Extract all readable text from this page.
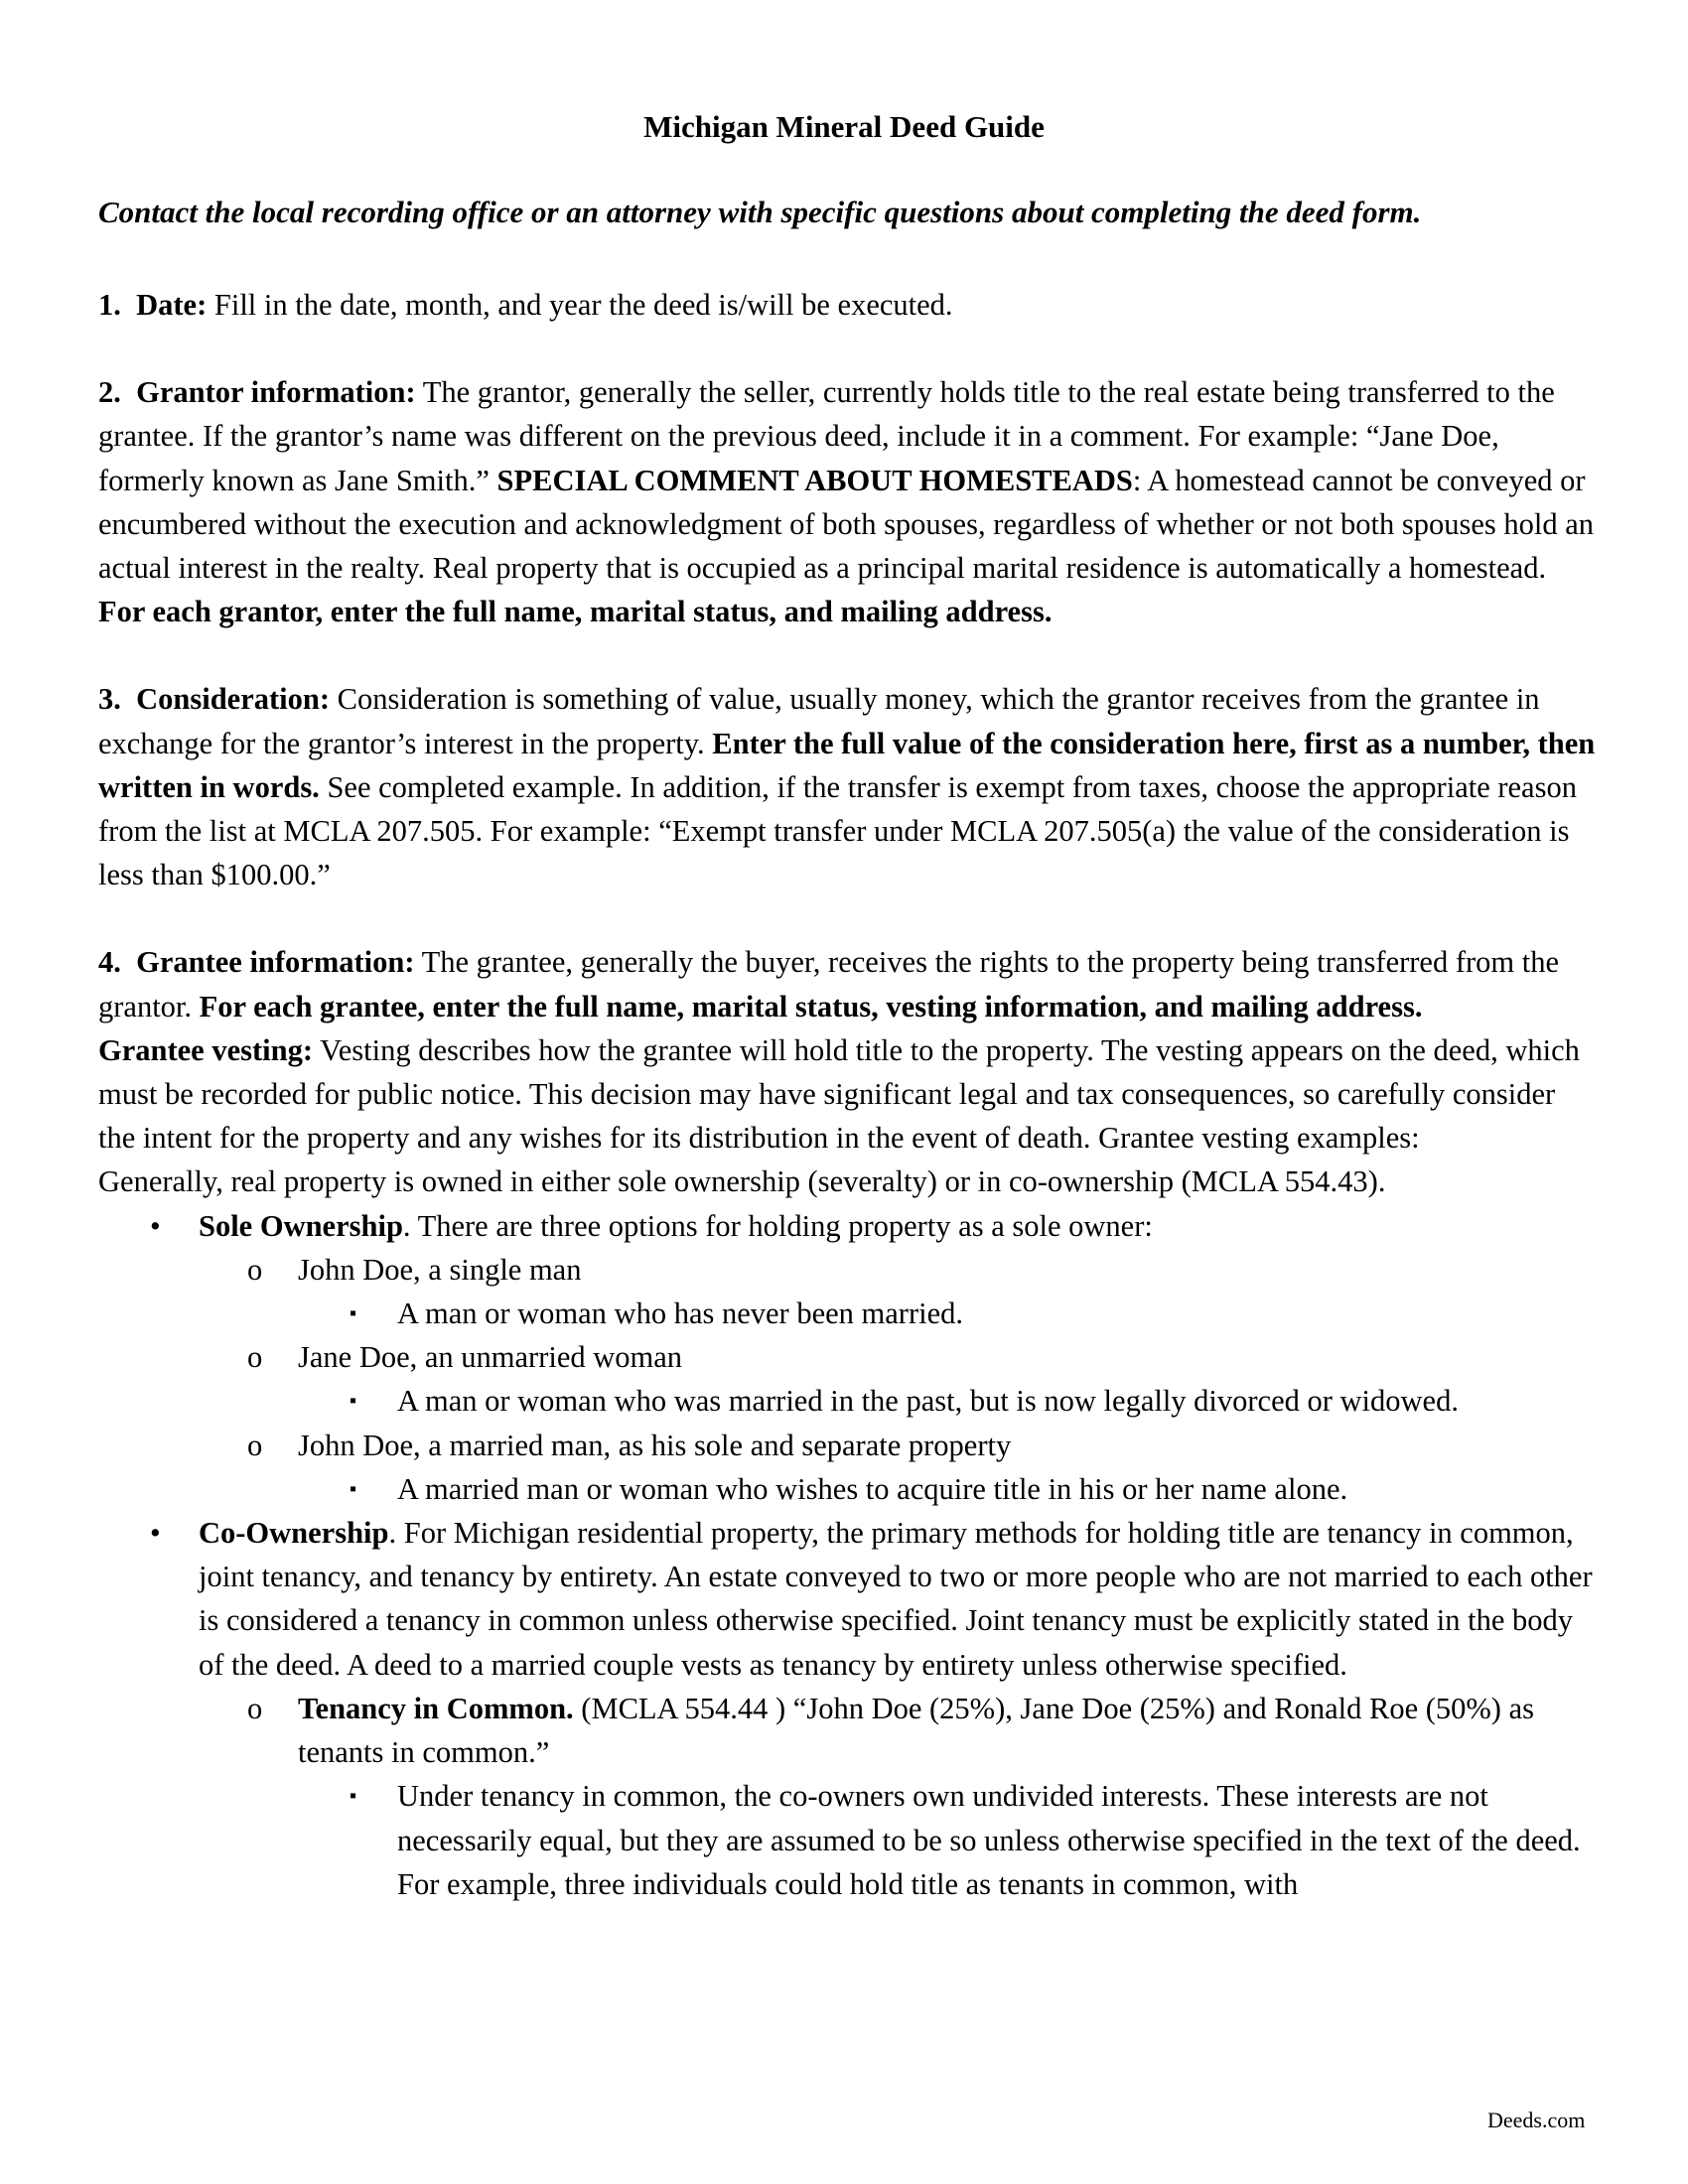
Michigan Mineral Deed Guide
Contact the local recording office or an attorney with specific questions about completing the deed form.

1. Date: Fill in the date, month, and year the deed is/will be executed.

2. Grantor information: The grantor, generally the seller, currently holds title to the real estate being transferred to the grantee. If the grantor’s name was different on the previous deed, include it in a comment. For example: “Jane Doe, formerly known as Jane Smith.” SPECIAL COMMENT ABOUT HOMESTEADS: A homestead cannot be conveyed or encumbered without the execution and acknowledgment of both spouses, regardless of whether or not both spouses hold an actual interest in the realty. Real property that is occupied as a principal marital residence is automatically a homestead. For each grantor, enter the full name, marital status, and mailing address.

3. Consideration: Consideration is something of value, usually money, which the grantor receives from the grantee in exchange for the grantor’s interest in the property. Enter the full value of the consideration here, first as a number, then written in words. See completed example. In addition, if the transfer is exempt from taxes, choose the appropriate reason from the list at MCLA 207.505. For example: “Exempt transfer under MCLA 207.505(a) the value of the consideration is less than $100.00.”

4. Grantee information: The grantee, generally the buyer, receives the rights to the property being transferred from the grantor. For each grantee, enter the full name, marital status, vesting information, and mailing address.

Grantee vesting: Vesting describes how the grantee will hold title to the property. The vesting appears on the deed, which must be recorded for public notice. This decision may have significant legal and tax consequences, so carefully consider the intent for the property and any wishes for its distribution in the event of death. Grantee vesting examples:

Generally, real property is owned in either sole ownership (severalty) or in co-ownership (MCLA 554.43).

• Sole Ownership. There are three options for holding property as a sole owner:
o John Doe, a single man
▪ A man or woman who has never been married.
o Jane Doe, an unmarried woman
▪ A man or woman who was married in the past, but is now legally divorced or widowed.
o John Doe, a married man, as his sole and separate property
▪ A married man or woman who wishes to acquire title in his or her name alone.
• Co-Ownership. For Michigan residential property, the primary methods for holding title are tenancy in common, joint tenancy, and tenancy by entirety. An estate conveyed to two or more people who are not married to each other is considered a tenancy in common unless otherwise specified. Joint tenancy must be explicitly stated in the body of the deed. A deed to a married couple vests as tenancy by entirety unless otherwise specified.
o Tenancy in Common. (MCLA 554.44 ) “John Doe (25%), Jane Doe (25%) and Ronald Roe (50%) as tenants in common.”
▪ Under tenancy in common, the co-owners own undivided interests. These interests are not necessarily equal, but they are assumed to be so unless otherwise specified in the text of the deed. For example, three individuals could hold title as tenants in common, with
Deeds.com
